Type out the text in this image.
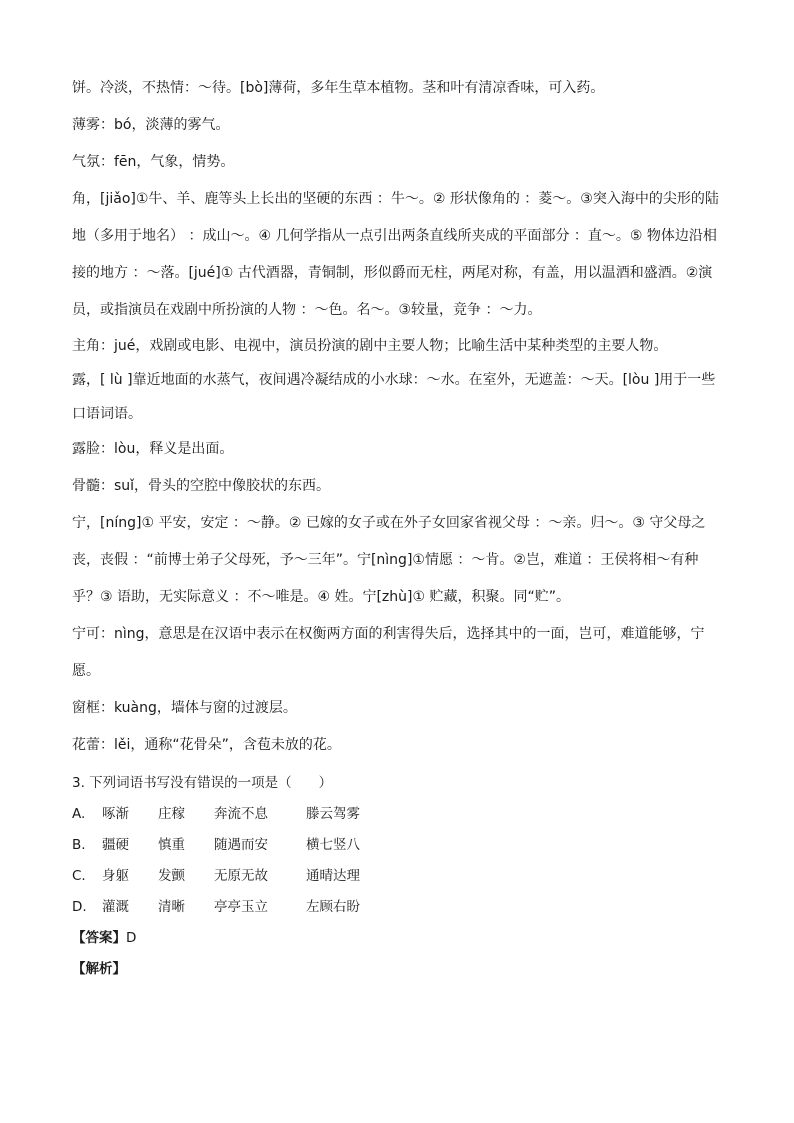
饼。冷淡，不热情：～待。[bò]薄荷，多年生草本植物。茎和叶有清凉香味，可入药。

薄雾：bó，淡薄的雾气。

气氛：fēn，气象，情势。

角，[jiǎo]①牛、羊、鹿等头上长出的坚硬的东西 ：牛～。② 形状像角的 ：菱～。③突入海中的尖形的陆地（多用于地名） ：成山～。④ 几何学指从一点引出两条直线所夹成的平面部分 ：直～。⑤ 物体边沿相接的地方 ：～落。[jué]① 古代酒器，青铜制，形似爵而无柱，两尾对称，有盖，用以温酒和盛酒。②演员，或指演员在戏剧中所扮演的人物 ：～色。名～。③较量，竞争 ：～力。

主角：jué，戏剧或电影、电视中，演员扮演的剧中主要人物；比喻生活中某种类型的主要人物。

露，[ lù ]靠近地面的水蒸气，夜间遇冷凝结成的小水球：～水。在室外，无遮盖：～天。[lòu ]用于一些口语词语。

露脸：lòu，释义是出面。

骨髓：suǐ，骨头的空腔中像胶状的东西。

宁，[níng]① 平安，安定 ：～静。② 已嫁的女子或在外子女回家省视父母 ：～亲。归～。③ 守父母之丧，丧假 ：“前博士弟子父母死，予～三年”。宁[nìng]①情愿 ：～肯。②岂，难道 ：王侯将相～有种乎？③ 语助，无实际意义 ：不～唯是。④ 姓。宁[zhù]① 贮藏，积聚。同“贮”。

宁可：nìng，意思是在汉语中表示在权衡两方面的利害得失后，选择其中的一面，岂可，难道能够，宁愿。

窗框：kuàng，墙体与窗的过渡层。

花蕾：lěi，通称“花骨朵”，含苞未放的花。

3. 下列词语书写没有错误的一项是（　　）
A.	啄渐	庄稼	奔流不息	滕云驾雾
B.	疆硬	慎重	随遇而安	横七竖八
C.	身躯	发颤	无原无故	通晴达理
D.	灌溉	清晰	亭亭玉立	左顾右盼
【答案】D
【解析】
